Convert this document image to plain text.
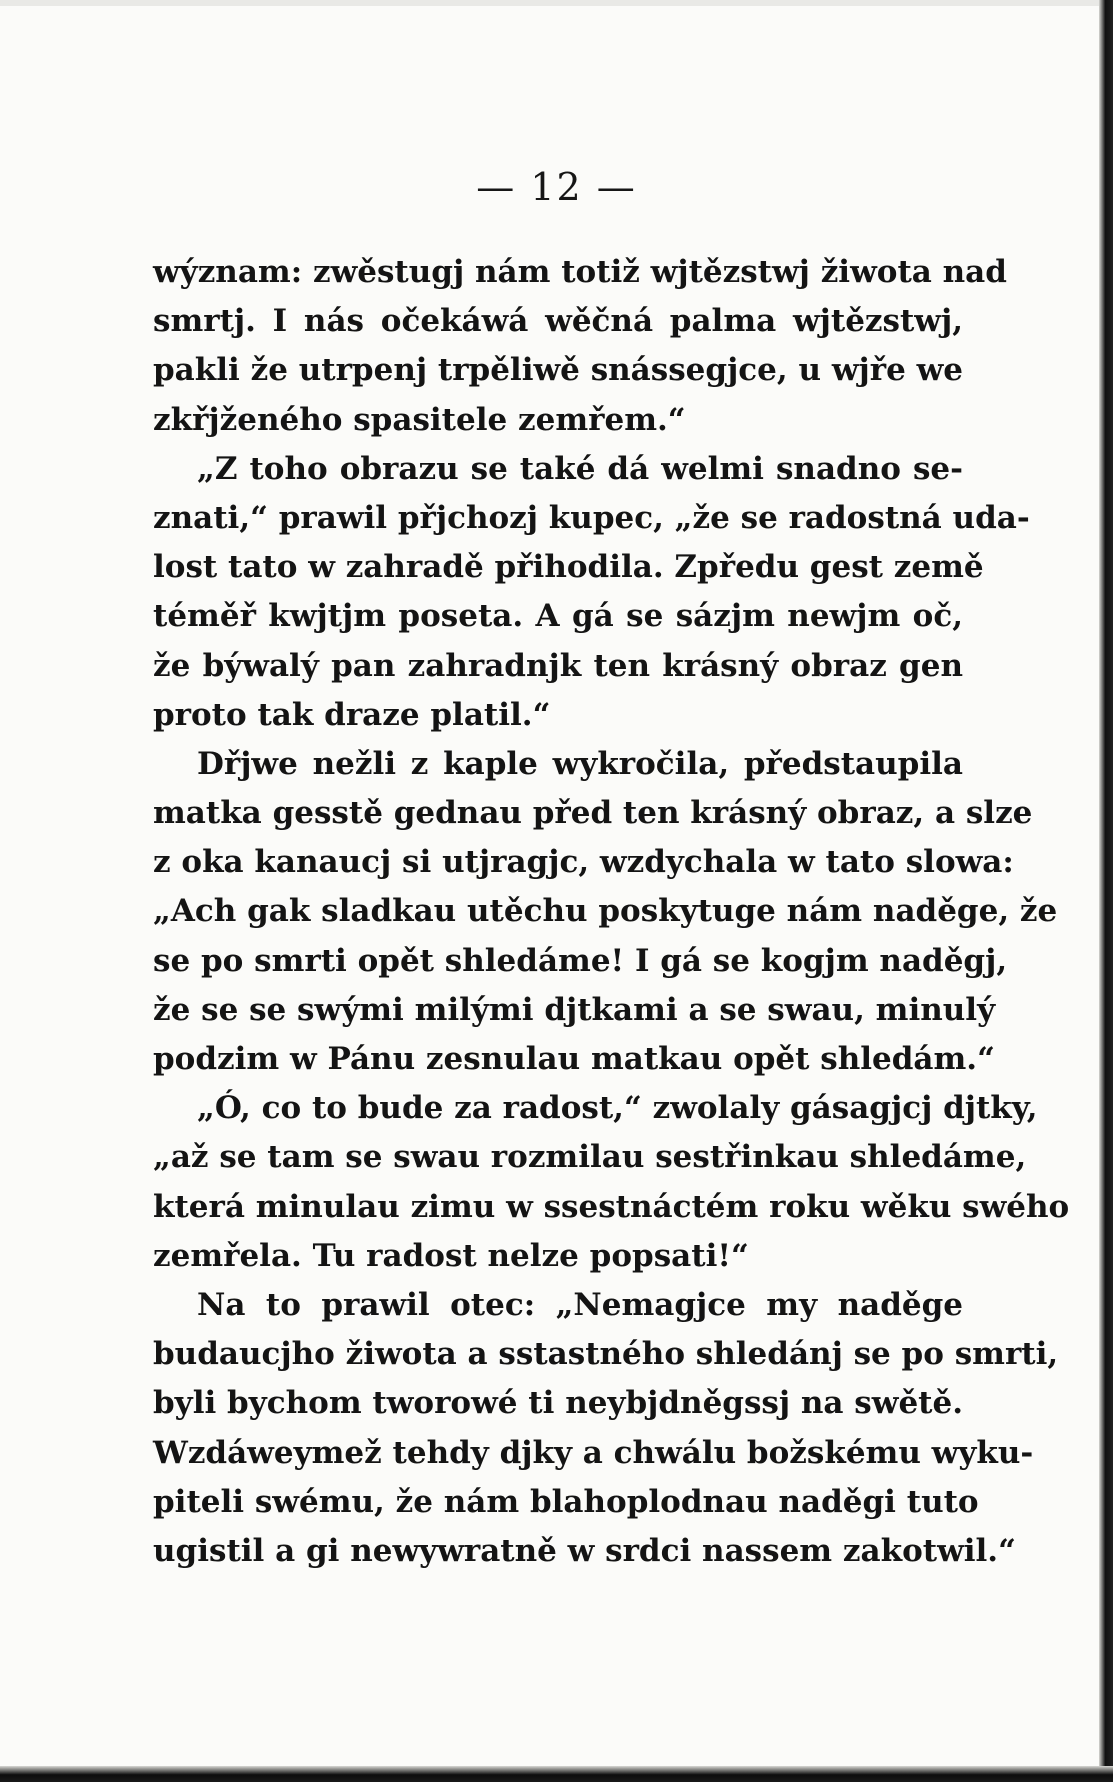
— 12 —
wýznam: zwěstugj nám totiž wjtězstwj žiwota nad
smrtj. I nás očekáwá wěčná palma wjtězstwj,
pakli že utrpenj trpěliwě snássegjce, u wjře we
zkřjženého spasitele zemřem.“
„Z toho obrazu se také dá welmi snadno se-
znati,“ prawil přjchozj kupec, „že se radostná uda-
lost tato w zahradě přihodila. Zpředu gest země
téměř kwjtjm poseta. A gá se sázjm newjm oč,
že býwalý pan zahradnjk ten krásný obraz gen
proto tak draze platil.“
Dřjwe nežli z kaple wykročila, předstaupila
matka gesstě gednau před ten krásný obraz, a slze
z oka kanaucj si utjragjc, wzdychala w tato slowa:
„Ach gak sladkau utěchu poskytuge nám naděge, že
se po smrti opět shledáme! I gá se kogjm naděgj,
že se se swými milými djtkami a se swau, minulý
podzim w Pánu zesnulau matkau opět shledám.“
„Ó, co to bude za radost,“ zwolaly gásagjcj djtky,
„až se tam se swau rozmilau sestřinkau shledáme,
která minulau zimu w ssestnáctém roku wěku swého
zemřela. Tu radost nelze popsati!“
Na to prawil otec: „Nemagjce my naděge
budaucjho žiwota a sstastného shledánj se po smrti,
byli bychom tworowé ti neybjdněgssj na swětě.
Wzdáweymež tehdy djky a chwálu božskému wyku-
piteli swému, že nám blahoplodnau naděgi tuto
ugistil a gi newywratně w srdci nassem zakotwil.“
